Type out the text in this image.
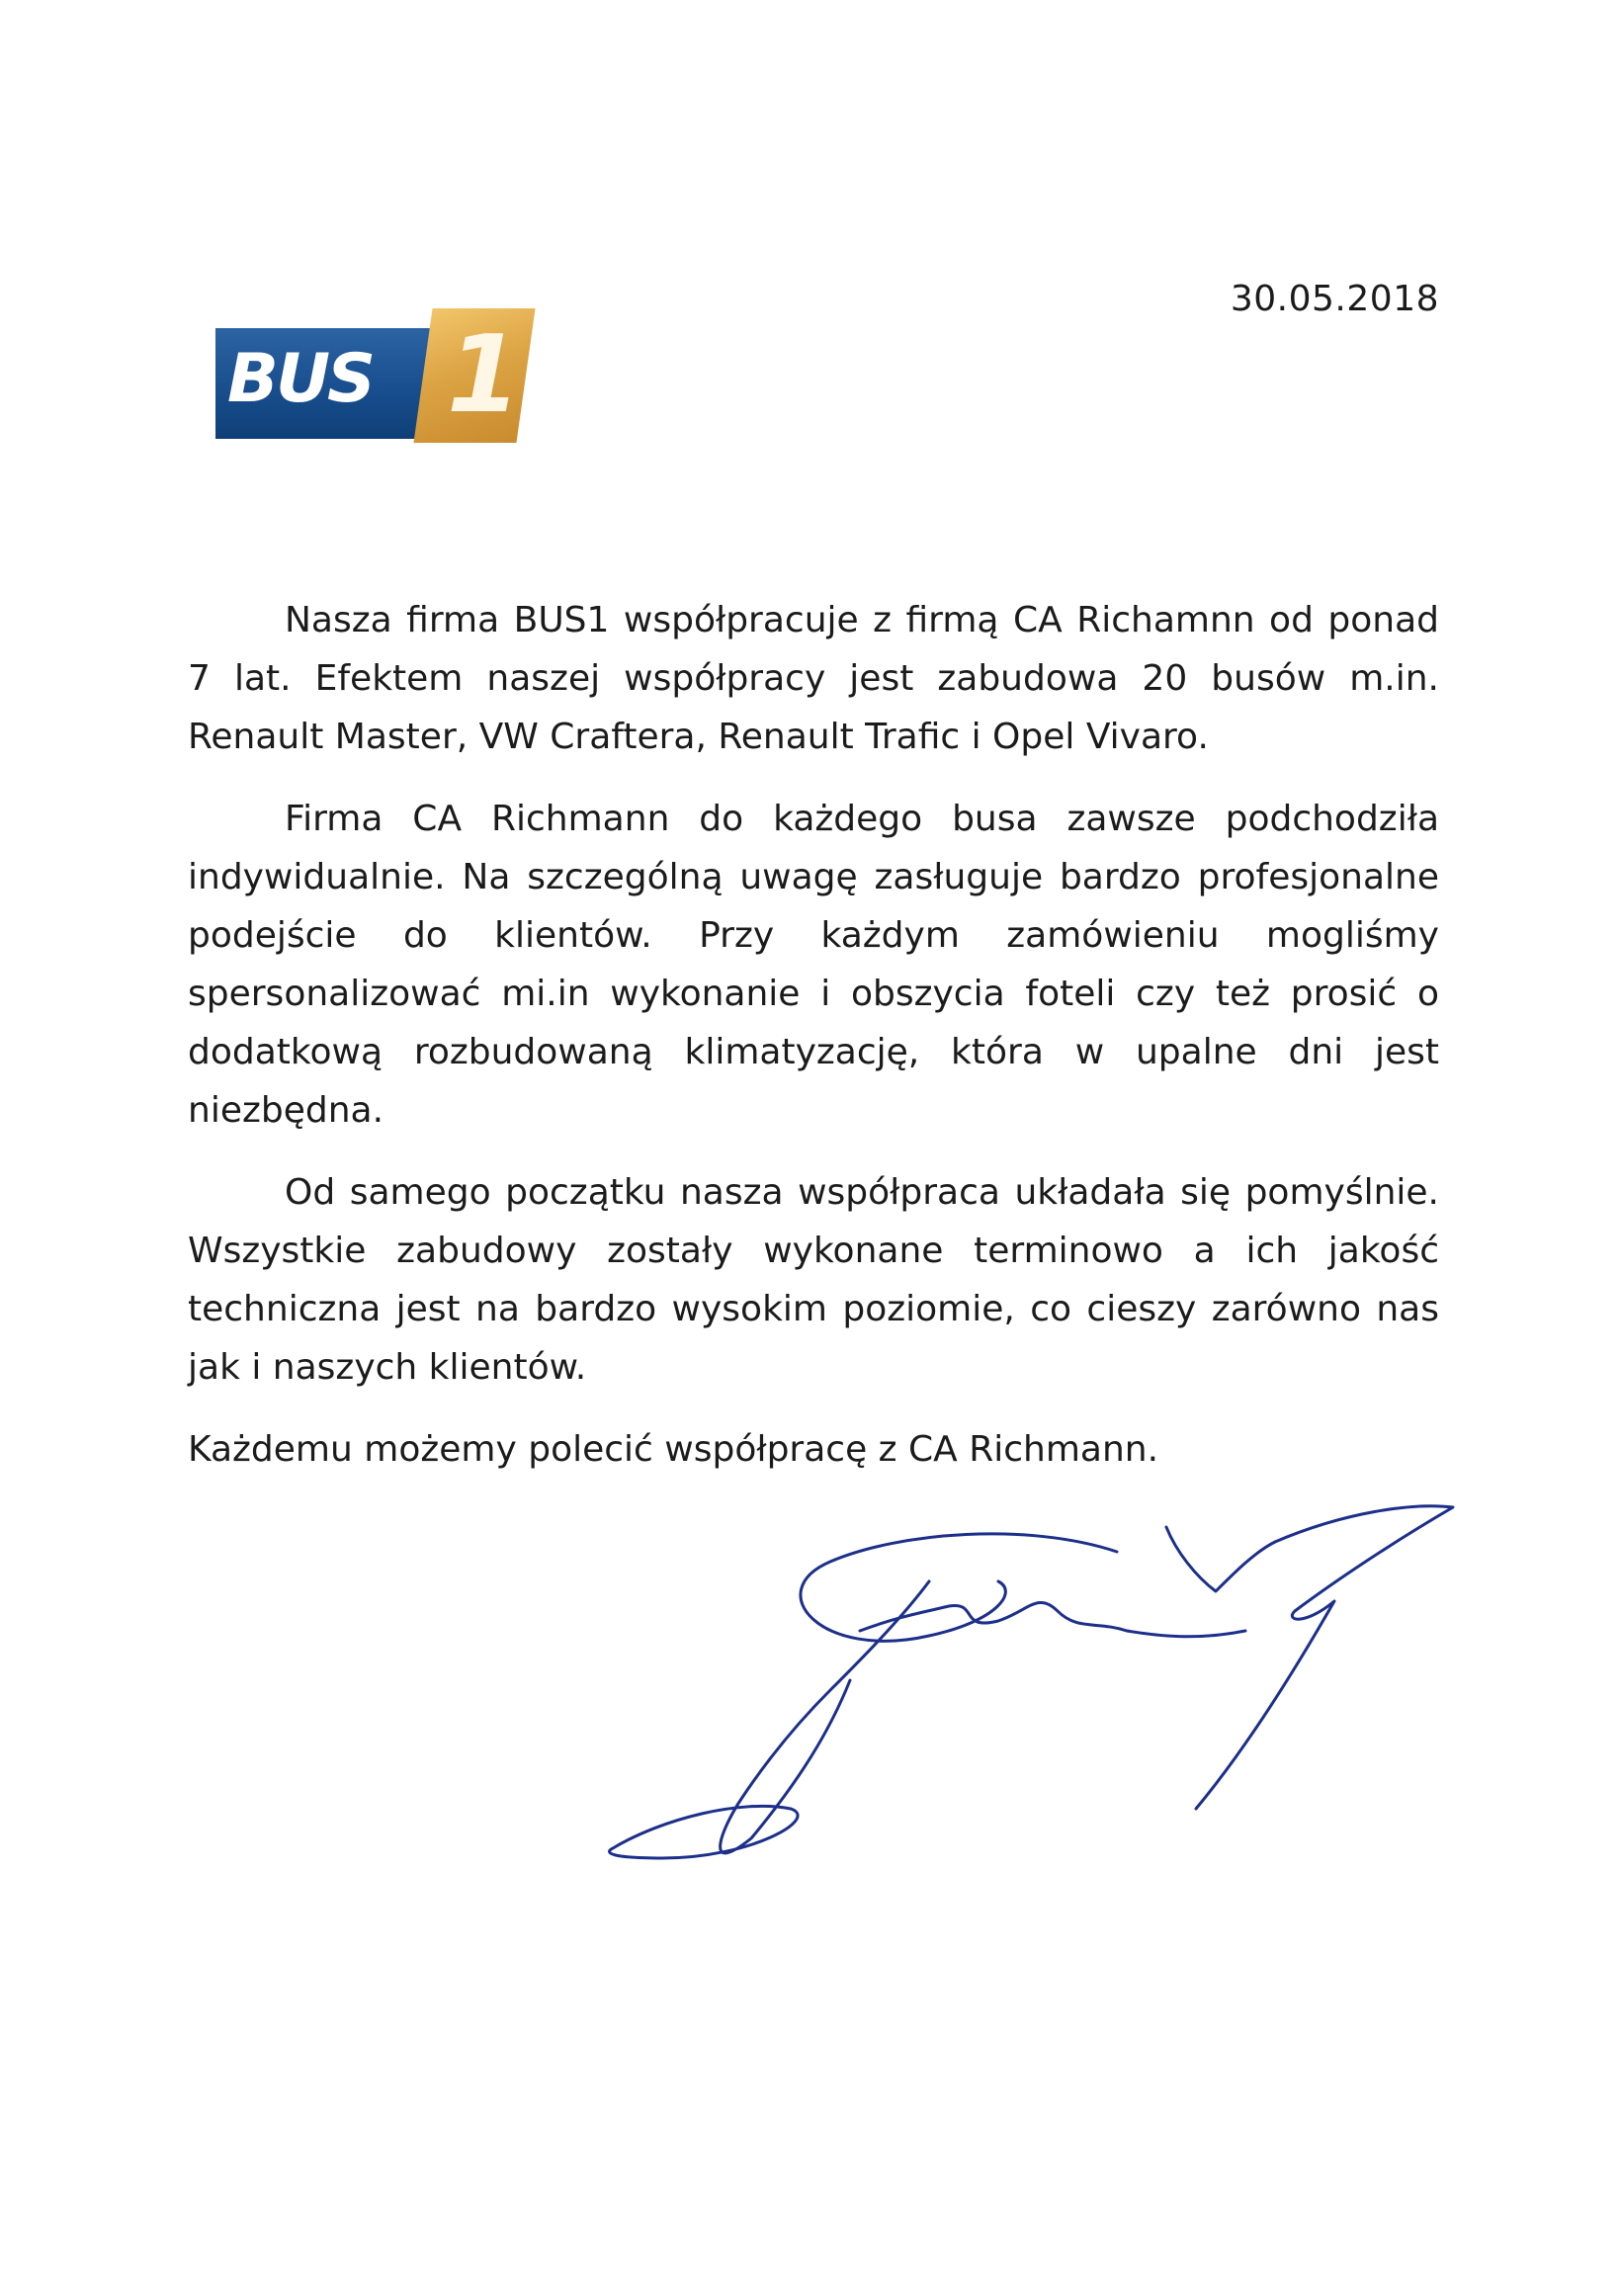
30.05.2018

BUS 1

Nasza firma BUS1 współpracuje z firmą CA Richamnn od ponad 7 lat. Efektem naszej współpracy jest zabudowa 20 busów m.in. Renault Master, VW Craftera, Renault Trafic i Opel Vivaro.

Firma CA Richmann do każdego busa zawsze podchodziła indywidualnie. Na szczególną uwagę zasługuje bardzo profesjonalne podejście do klientów. Przy każdym zamówieniu mogliśmy spersonalizować mi.in wykonanie i obszycia foteli czy też prosić o dodatkową rozbudowaną klimatyzację, która w upalne dni jest niezbędna.

Od samego początku nasza współpraca układała się pomyślnie. Wszystkie zabudowy zostały wykonane terminowo a ich jakość techniczna jest na bardzo wysokim poziomie, co cieszy zarówno nas jak i naszych klientów.

Każdemu możemy polecić współpracę z CA Richmann.
